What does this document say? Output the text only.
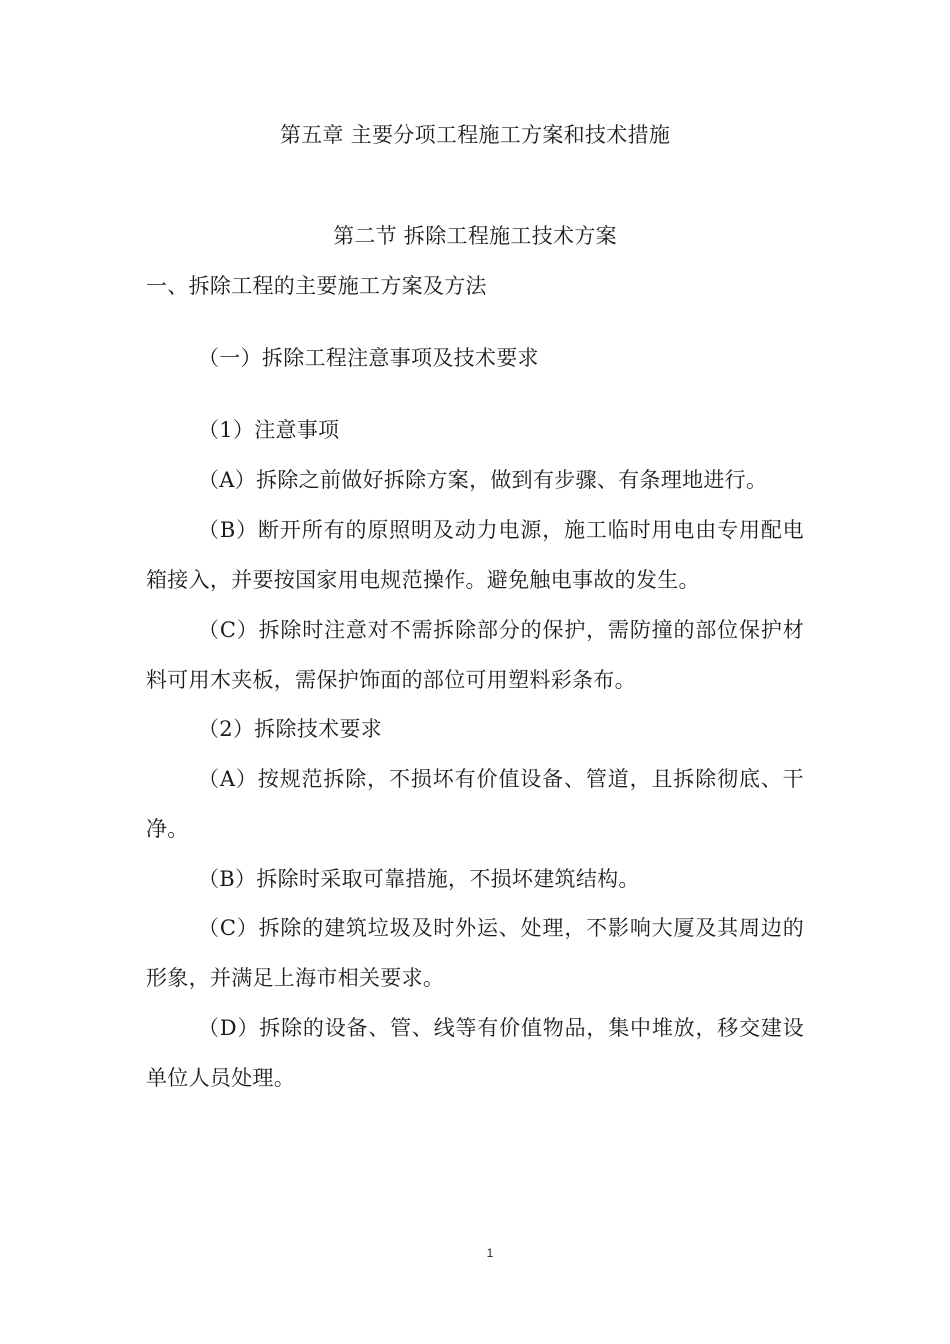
第五章 主要分项工程施工方案和技术措施
第二节 拆除工程施工技术方案
一、拆除工程的主要施工方案及方法
（一）拆除工程注意事项及技术要求
（1）注意事项
（A）拆除之前做好拆除方案，做到有步骤、有条理地进行。
（B）断开所有的原照明及动力电源，施工临时用电由专用配电
箱接入，并要按国家用电规范操作。避免触电事故的发生。
（C）拆除时注意对不需拆除部分的保护，需防撞的部位保护材
料可用木夹板，需保护饰面的部位可用塑料彩条布。
（2）拆除技术要求
（A）按规范拆除，不损坏有价值设备、管道，且拆除彻底、干
净。
（B）拆除时采取可靠措施，不损坏建筑结构。
（C）拆除的建筑垃圾及时外运、处理，不影响大厦及其周边的
形象，并满足上海市相关要求。
（D）拆除的设备、管、线等有价值物品，集中堆放，移交建设
单位人员处理。
1
